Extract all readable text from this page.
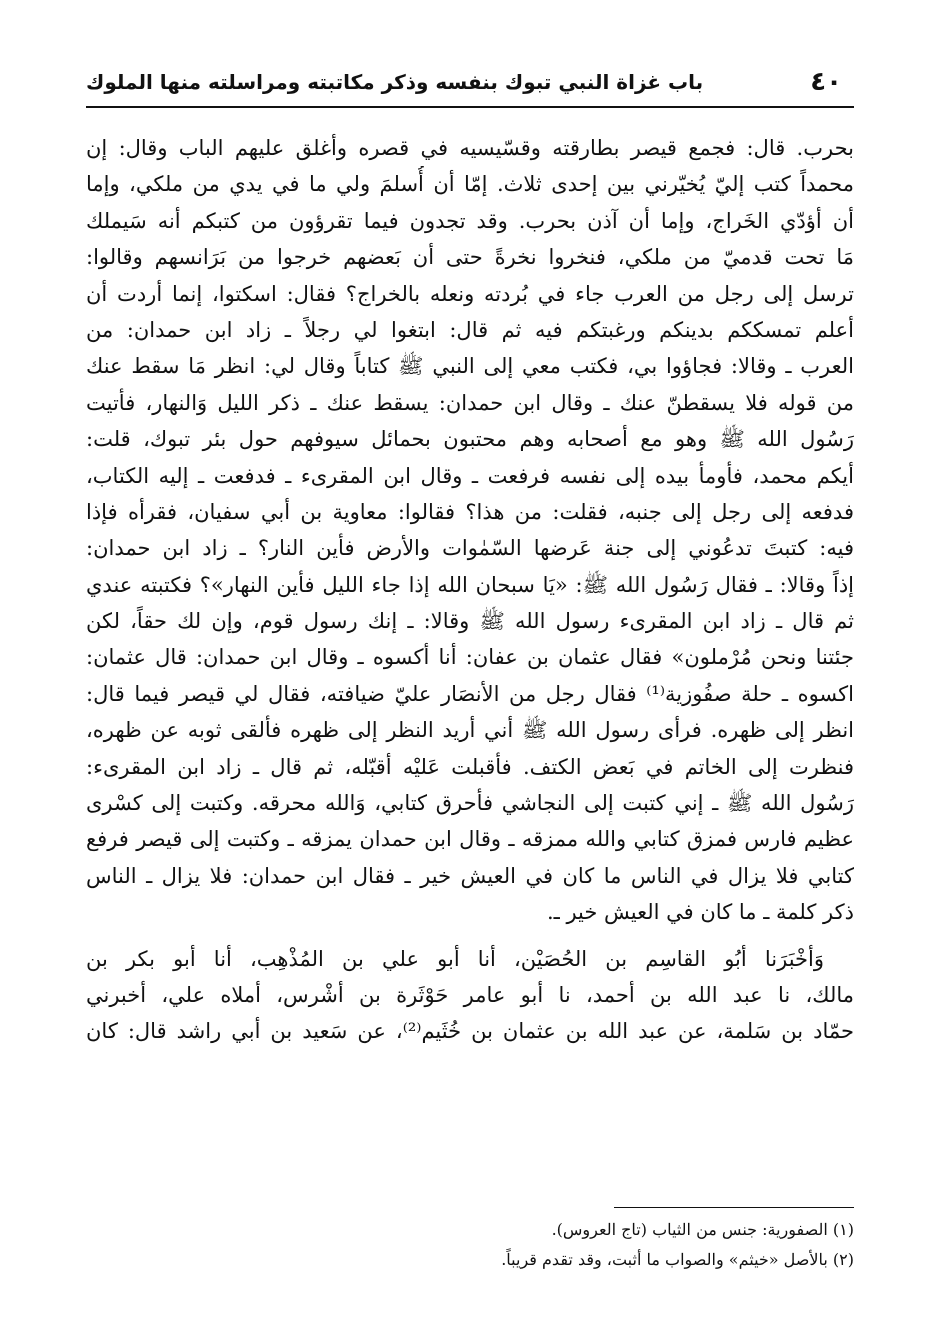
٤٠
باب غزاة النبي تبوك بنفسه وذكر مكاتبته ومراسلته منها الملوك
بحرب. قال: فجمع قيصر بطارقته وقسّيسيه في قصره وأغلق عليهم الباب وقال: إن
محمداً كتب إليّ يُخيّرني بين إحدى ثلاث. إمّا أن أُسلمَ ولي ما في يدي من ملكي، وإما
أن أؤدّي الخَراج، وإما أن آذن بحرب. وقد تجدون فيما تقرؤون من كتبكم أنه سَيملك
مَا تحت قدميّ من ملكي، فنخروا نخرةً حتى أن بَعضهم خرجوا من بَرَانسهم وقالوا:
ترسل إلى رجل من العرب جاء في بُردته ونعله بالخراج؟ فقال: اسكتوا، إنما أردت أن
أعلم تمسككم بدينكم ورغبتكم فيه ثم قال: ابتغوا لي رجلاً ـ زاد ابن حمدان: من
العرب ـ وقالا: فجاؤوا بي، فكتب معي إلى النبي ﷺ كتاباً وقال لي: انظر مَا سقط عنك
من قوله فلا يسقطنّ عنك ـ وقال ابن حمدان: يسقط عنك ـ ذكر الليل وَالنهار، فأتيت
رَسُول الله ﷺ وهو مع أصحابه وهم محتبون بحمائل سيوفهم حول بئر تبوك، قلت:
أيكم محمد، فأومأ بيده إلى نفسه فرفعت ـ وقال ابن المقرىء ـ فدفعت ـ إليه الكتاب،
فدفعه إلى رجل إلى جنبه، فقلت: من هذا؟ فقالوا: معاوية بن أبي سفيان، فقرأه فإذا
فيه: كتبتَ تدعُوني إلى جنة عَرضها السّمٰوات والأرض فأين النار؟ ـ زاد ابن حمدان:
إذاً وقالا: ـ فقال رَسُول الله ﷺ: «يَا سبحان الله إذا جاء الليل فأين النهار»؟ فكتبته عندي
ثم قال ـ زاد ابن المقرىء رسول الله ﷺ وقالا: ـ إنك رسول قوم، وإن لك حقاً، لكن
جئتنا ونحن مُرْملون» فقال عثمان بن عفان: أنا أكسوه ـ وقال ابن حمدان: قال عثمان:
اكسوه ـ حلة صفُوزية⁽¹⁾ فقال رجل من الأنصَار عليّ ضيافته، فقال لي قيصر فيما قال:
انظر إلى ظهره. فرأى رسول الله ﷺ أني أريد النظر إلى ظهره فألقى ثوبه عن ظهره،
فنظرت إلى الخاتم في بَعض الكتف. فأقبلت عَليْه أقبّله، ثم قال ـ زاد ابن المقرىء:
رَسُول الله ﷺ ـ إني كتبت إلى النجاشي فأحرق كتابي، وَالله محرقه. وكتبت إلى كسْرى
عظيم فارس فمزق كتابي والله ممزقه ـ وقال ابن حمدان يمزقه ـ وكتبت إلى قيصر فرفع
كتابي فلا يزال في الناس ما كان في العيش خير ـ فقال ابن حمدان: فلا يزال ـ الناس
ذكر كلمة ـ ما كان في العيش خير ـ.
وَأخْبَرَنا أبُو القاسِم بن الحُصَيْن، أنا أبو علي بن المُذْهِب، أنا أبو بكر بن
مالك، نا عبد الله بن أحمد، نا أبو عامر حَوْثَرة بن أشْرس، أملاه علي، أخبرني
حمّاد بن سَلمة، عن عبد الله بن عثمان بن خُثَيم⁽²⁾، عن سَعيد بن أبي راشد قال: كان
(١) الصفورية: جنس من الثياب (تاج العروس).
(٢) بالأصل «خيثم» والصواب ما أثبت، وقد تقدم قريباً.
